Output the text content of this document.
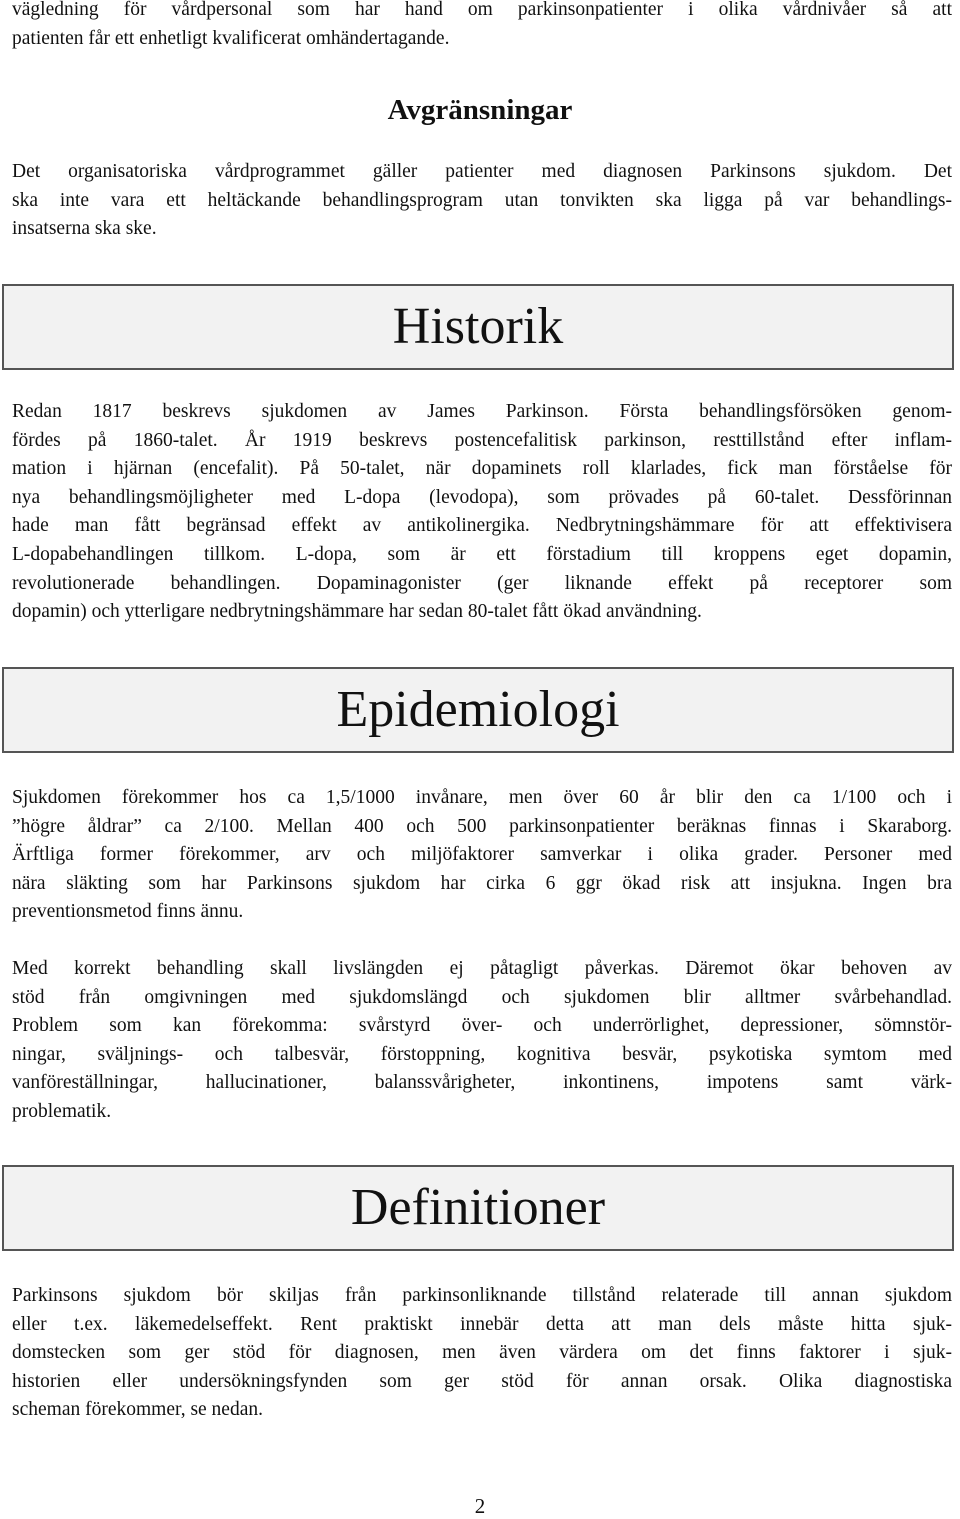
vägledning för vårdpersonal som har hand om parkinsonpatienter i olika vårdnivåer så att
patienten får ett enhetligt kvalificerat omhändertagande.
Avgränsningar
Det organisatoriska vårdprogrammet gäller patienter med diagnosen Parkinsons sjukdom. Det
ska inte vara ett heltäckande behandlingsprogram utan tonvikten ska ligga på var behandlings-
insatserna ska ske.
Historik
Redan 1817 beskrevs sjukdomen av James Parkinson. Första behandlingsförsöken genom-
fördes på 1860-talet. År 1919 beskrevs postencefalitisk parkinson, resttillstånd efter inflam-
mation i hjärnan (encefalit). På 50-talet, när dopaminets roll klarlades, fick man förståelse för
nya behandlingsmöjligheter med L-dopa (levodopa), som prövades på 60-talet. Dessförinnan
hade man fått begränsad effekt av antikolinergika. Nedbrytningshämmare för att effektivisera
L-dopabehandlingen tillkom. L-dopa, som är ett förstadium till kroppens eget dopamin,
revolutionerade behandlingen. Dopaminagonister (ger liknande effekt på receptorer som
dopamin) och ytterligare nedbrytningshämmare har sedan 80-talet fått ökad användning.
Epidemiologi
Sjukdomen förekommer hos ca 1,5/1000 invånare, men över 60 år blir den ca 1/100 och i
”högre åldrar” ca 2/100. Mellan 400 och 500 parkinsonpatienter beräknas finnas i Skaraborg.
Ärftliga former förekommer, arv och miljöfaktorer samverkar i olika grader. Personer med
nära släkting som har Parkinsons sjukdom har cirka 6 ggr ökad risk att insjukna. Ingen bra
preventionsmetod finns ännu.
Med korrekt behandling skall livslängden ej påtagligt påverkas. Däremot ökar behoven av
stöd från omgivningen med sjukdomslängd och sjukdomen blir alltmer svårbehandlad.
Problem som kan förekomma: svårstyrd över- och underrörlighet, depressioner, sömnstör-
ningar, sväljnings- och talbesvär, förstoppning, kognitiva besvär, psykotiska symtom med
vanföreställningar, hallucinationer, balanssvårigheter, inkontinens, impotens samt värk-
problematik.
Definitioner
Parkinsons sjukdom bör skiljas från parkinsonliknande tillstånd relaterade till annan sjukdom
eller t.ex. läkemedelseffekt. Rent praktiskt innebär detta att man dels måste hitta sjuk-
domstecken som ger stöd för diagnosen, men även värdera om det finns faktorer i sjuk-
historien eller undersökningsfynden som ger stöd för annan orsak. Olika diagnostiska
scheman förekommer, se nedan.
2
